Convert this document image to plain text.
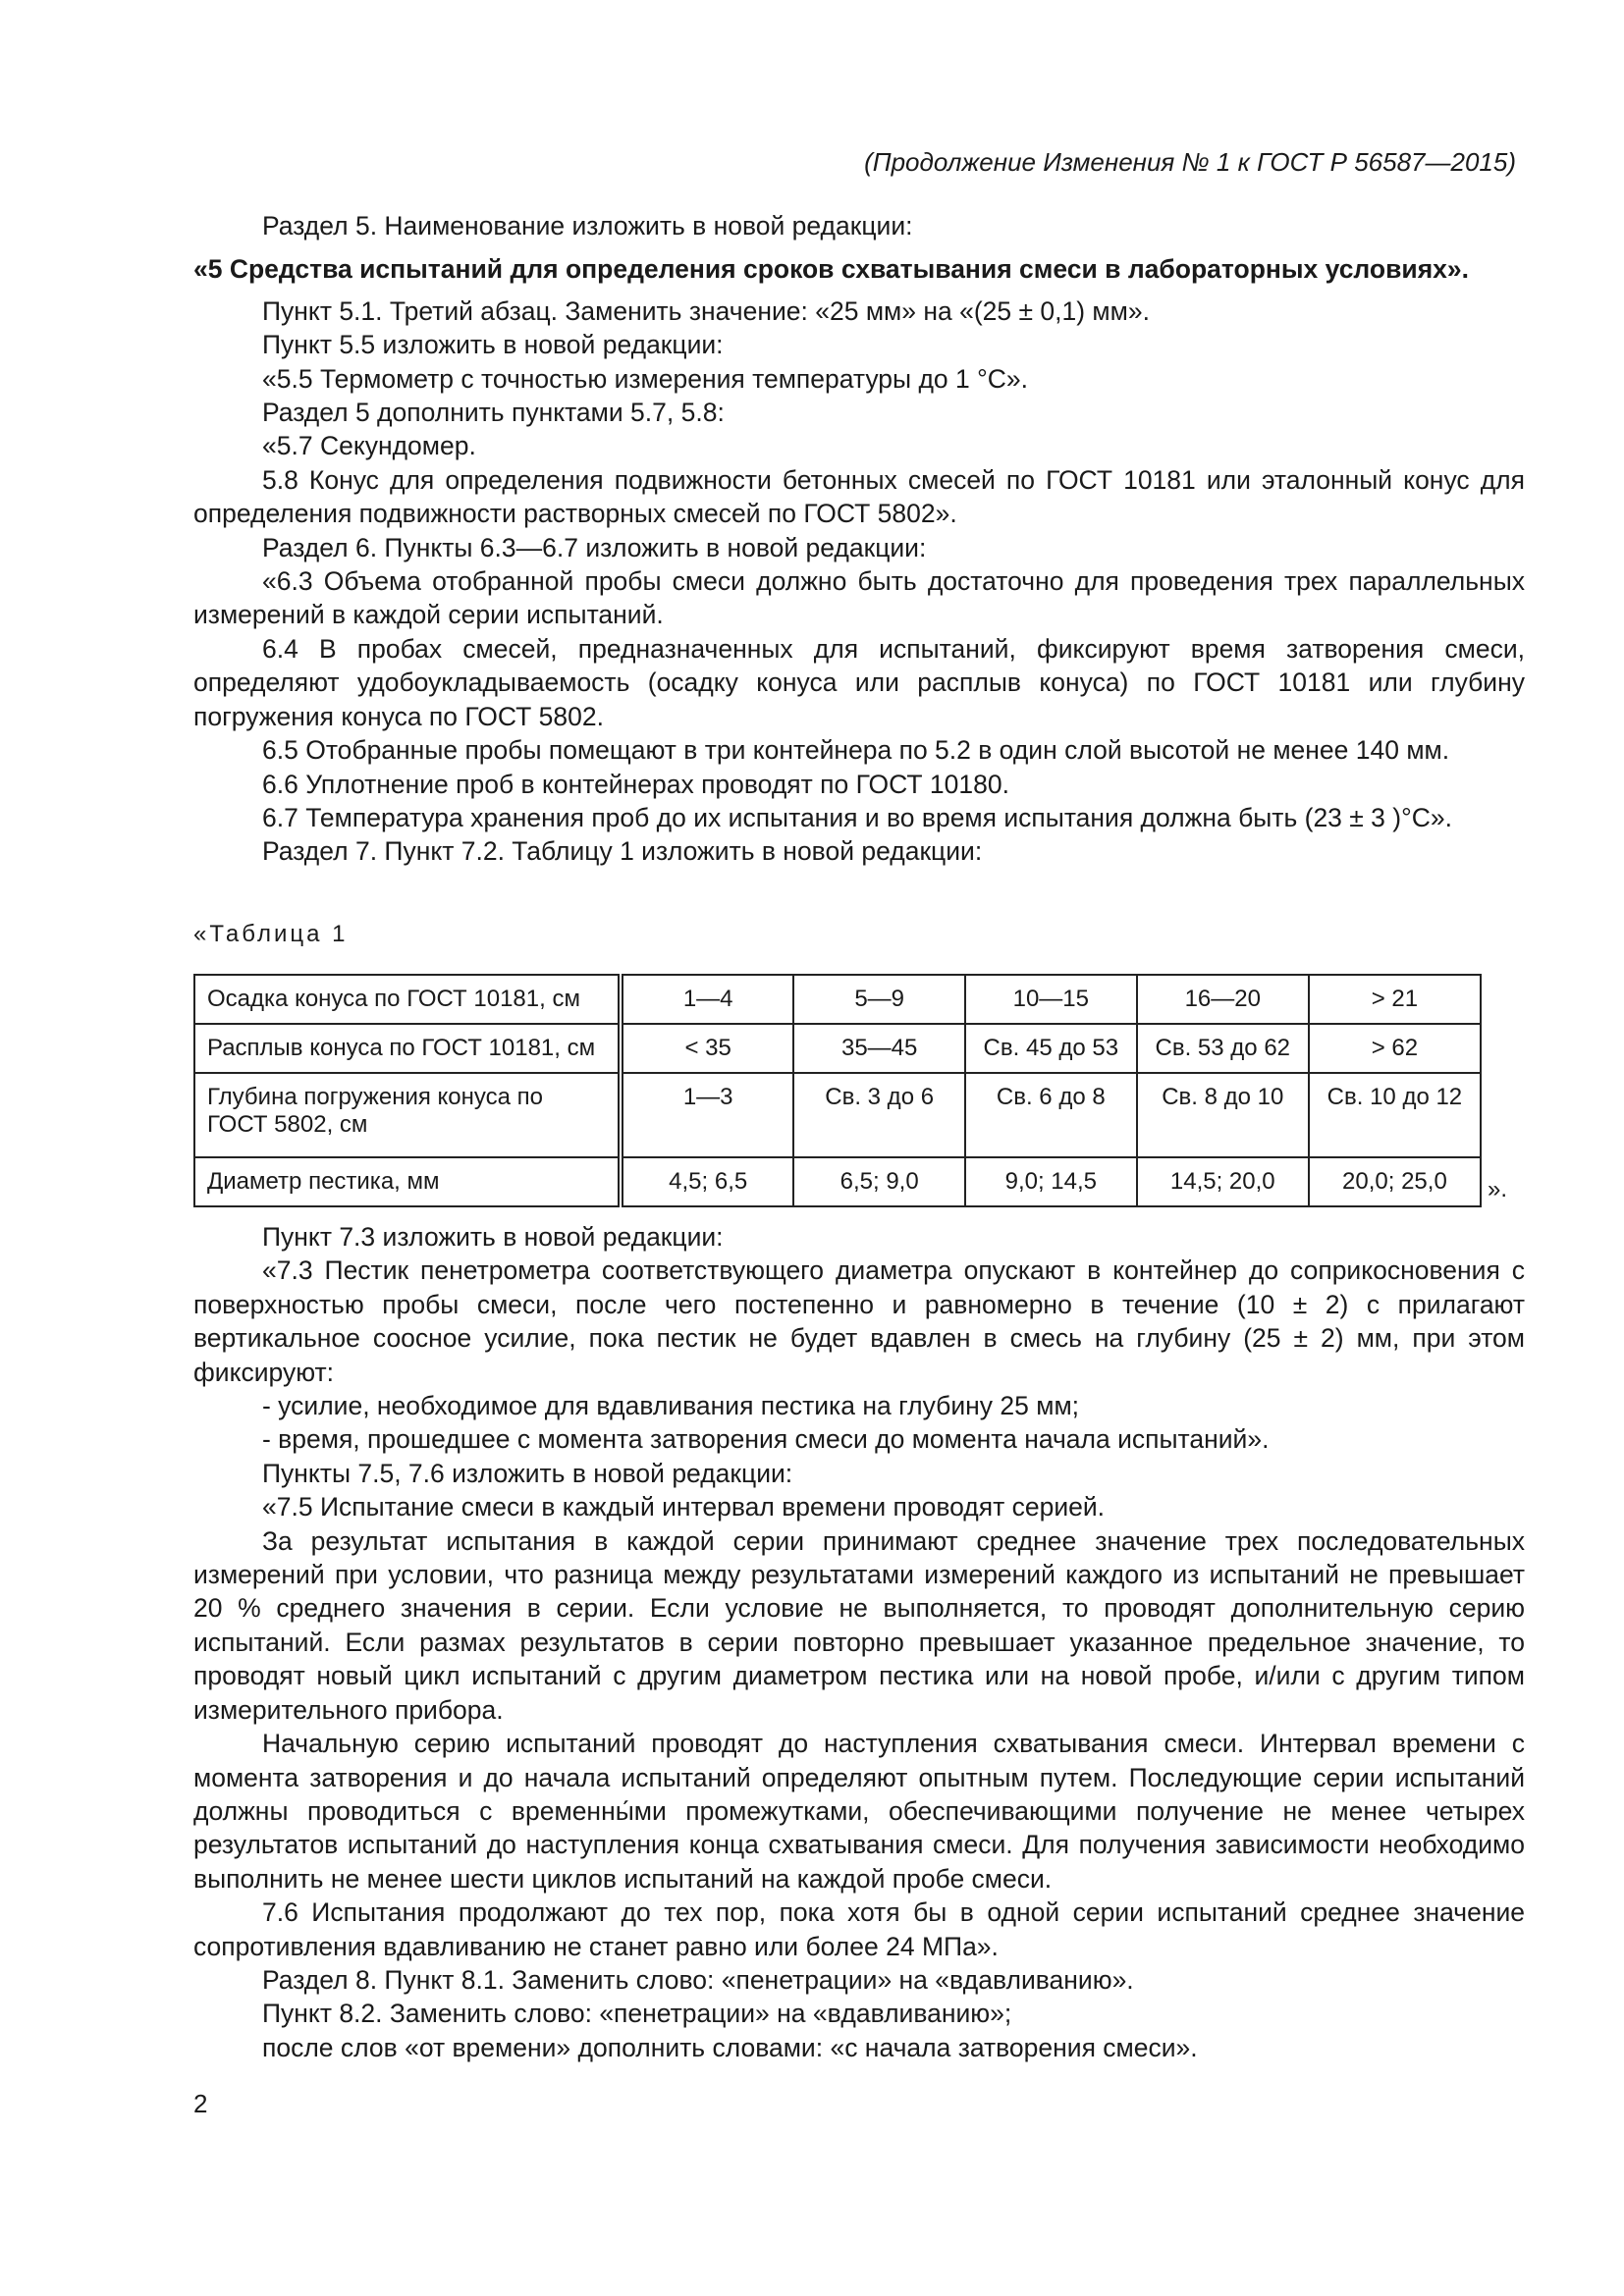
(Продолжение Изменения № 1 к ГОСТ Р 56587—2015)

Раздел 5. Наименование изложить в новой редакции:

«5 Средства испытаний для определения сроков схватывания смеси в лабораторных условиях».

Пункт 5.1. Третий абзац. Заменить значение: «25 мм» на «(25 ± 0,1) мм».

Пункт 5.5 изложить в новой редакции:

«5.5 Термометр с точностью измерения температуры до 1 °С».

Раздел 5 дополнить пунктами 5.7, 5.8:

«5.7 Секундомер.

5.8 Конус для определения подвижности бетонных смесей по ГОСТ 10181 или эталонный конус для определения подвижности растворных смесей по ГОСТ 5802».

Раздел 6. Пункты 6.3—6.7 изложить в новой редакции:

«6.3 Объема отобранной пробы смеси должно быть достаточно для проведения трех параллельных измерений в каждой серии испытаний.

6.4 В пробах смесей, предназначенных для испытаний, фиксируют время затворения смеси, определяют удобоукладываемость (осадку конуса или расплыв конуса) по ГОСТ 10181 или глубину погружения конуса по ГОСТ 5802.

6.5 Отобранные пробы помещают в три контейнера по 5.2 в один слой высотой не менее 140 мм.

6.6 Уплотнение проб в контейнерах проводят по ГОСТ 10180.

6.7 Температура хранения проб до их испытания и во время испытания должна быть (23 ± 3 )°С».

Раздел 7. Пункт 7.2. Таблицу 1 изложить в новой редакции:

«Таблица 1
Осадка конуса по ГОСТ 10181, см	1—4	5—9	10—15	16—20	> 21
Расплыв конуса по ГОСТ 10181, см	< 35	35—45	Св. 45 до 53	Св. 53 до 62	> 62
Глубина погружения конуса по ГОСТ 5802, см	1—3	Св. 3 до 6	Св. 6 до 8	Св. 8 до 10	Св. 10 до 12
Диаметр пестика, мм	4,5; 6,5	6,5; 9,0	9,0; 14,5	14,5; 20,0	20,0; 25,0 ».

Пункт 7.3 изложить в новой редакции:

«7.3 Пестик пенетрометра соответствующего диаметра опускают в контейнер до соприкосновения с поверхностью пробы смеси, после чего постепенно и равномерно в течение (10 ± 2) с прилагают вертикальное соосное усилие, пока пестик не будет вдавлен в смесь на глубину (25 ± 2) мм, при этом фиксируют:

- усилие, необходимое для вдавливания пестика на глубину 25 мм;

- время, прошедшее с момента затворения смеси до момента начала испытаний».

Пункты 7.5, 7.6 изложить в новой редакции:

«7.5 Испытание смеси в каждый интервал времени проводят серией.

За результат испытания в каждой серии принимают среднее значение трех последовательных измерений при условии, что разница между результатами измерений каждого из испытаний не превышает 20 % среднего значения в серии. Если условие не выполняется, то проводят дополнительную серию испытаний. Если размах результатов в серии повторно превышает указанное предельное значение, то проводят новый цикл испытаний с другим диаметром пестика или на новой пробе, и/или с другим типом измерительного прибора.

Начальную серию испытаний проводят до наступления схватывания смеси. Интервал времени с момента затворения и до начала испытаний определяют опытным путем. Последующие серии испытаний должны проводиться с временны́ми промежутками, обеспечивающими получение не менее четырех результатов испытаний до наступления конца схватывания смеси. Для получения зависимости необходимо выполнить не менее шести циклов испытаний на каждой пробе смеси.

7.6 Испытания продолжают до тех пор, пока хотя бы в одной серии испытаний среднее значение сопротивления вдавливанию не станет равно или более 24 МПа».

Раздел 8. Пункт 8.1. Заменить слово: «пенетрации» на «вдавливанию».

Пункт 8.2. Заменить слово: «пенетрации» на «вдавливанию»;

после слов «от времени» дополнить словами: «с начала затворения смеси».

2
